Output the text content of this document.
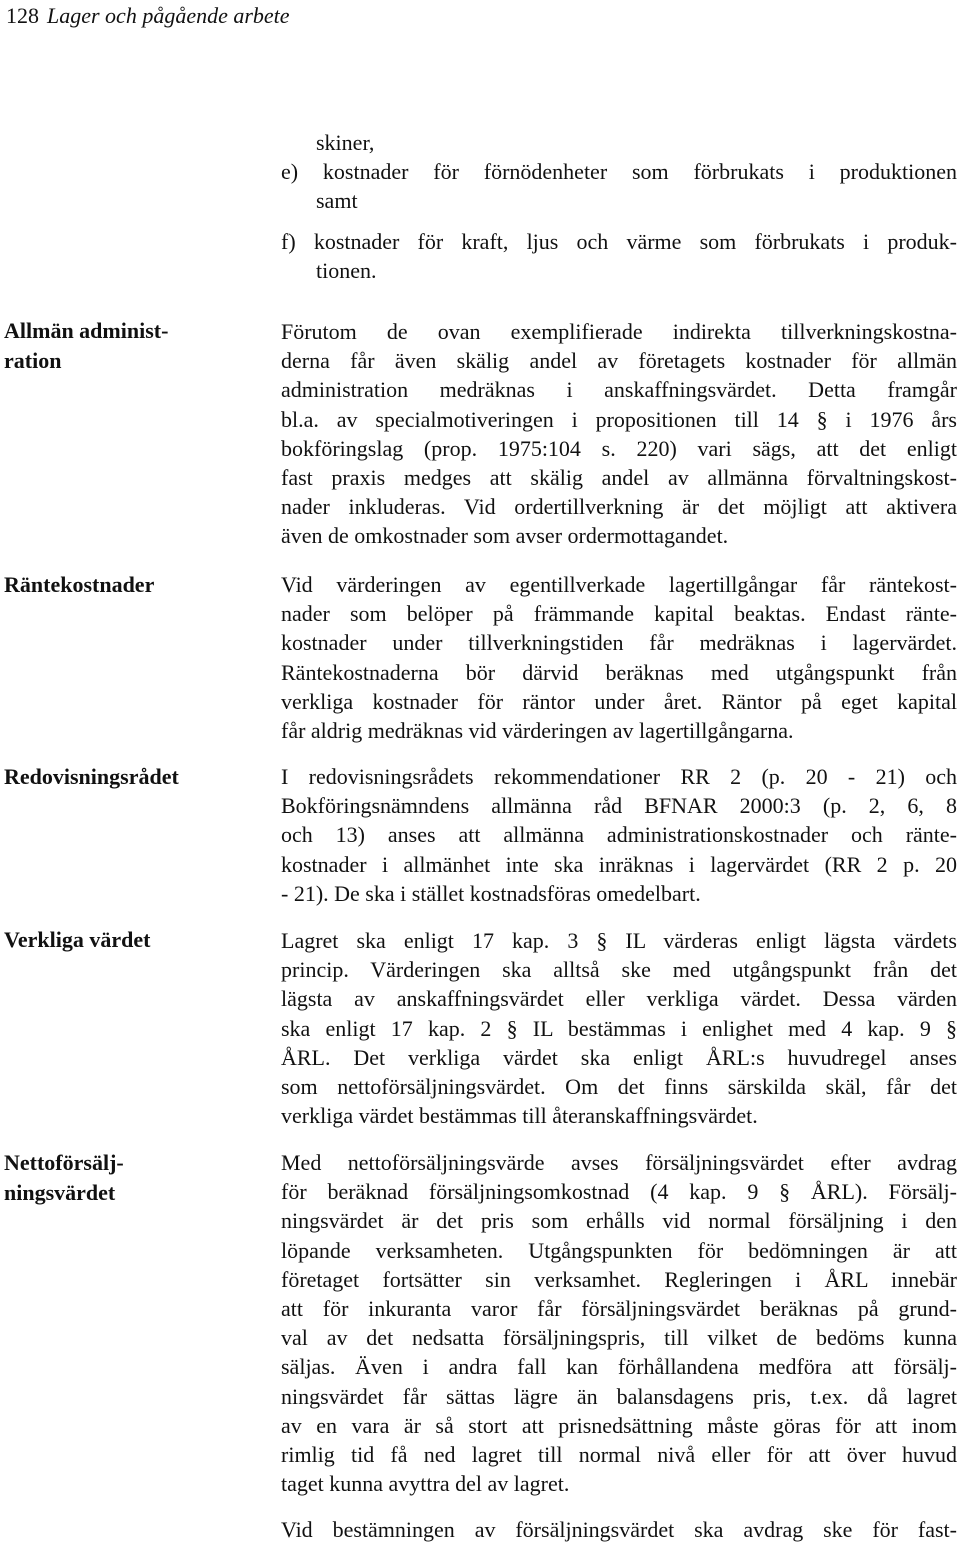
128 Lager och pågående arbete
skiner,
e) kostnader för förnödenheter som förbrukats i produktionen
samt
f) kostnader för kraft, ljus och värme som förbrukats i produk-
tionen.
Allmän administ-
ration
Räntekostnader
Redovisningsrådet
Verkliga värdet
Nettoförsälj-
ningsvärdet
Förutom de ovan exemplifierade indirekta tillverkningskostna-
derna får även skälig andel av företagets kostnader för allmän
administration medräknas i anskaffningsvärdet. Detta framgår
bl.a. av specialmotiveringen i propositionen till 14 § i 1976 års
bokföringslag (prop. 1975:104 s. 220) vari sägs, att det enligt
fast praxis medges att skälig andel av allmänna förvaltningskost-
nader inkluderas. Vid ordertillverkning är det möjligt att aktivera
även de omkostnader som avser ordermottagandet.
Vid värderingen av egentillverkade lagertillgångar får räntekost-
nader som belöper på främmande kapital beaktas. Endast ränte-
kostnader under tillverkningstiden får medräknas i lagervärdet.
Räntekostnaderna bör därvid beräknas med utgångspunkt från
verkliga kostnader för räntor under året. Räntor på eget kapital
får aldrig medräknas vid värderingen av lagertillgångarna.
I redovisningsrådets rekommendationer RR 2 (p. 20 - 21) och
Bokföringsnämndens allmänna råd BFNAR 2000:3 (p. 2, 6, 8
och 13) anses att allmänna administrationskostnader och ränte-
kostnader i allmänhet inte ska inräknas i lagervärdet (RR 2 p. 20
- 21). De ska i stället kostnadsföras omedelbart.
Lagret ska enligt 17 kap. 3 § IL värderas enligt lägsta värdets
princip. Värderingen ska alltså ske med utgångspunkt från det
lägsta av anskaffningsvärdet eller verkliga värdet. Dessa värden
ska enligt 17 kap. 2 § IL bestämmas i enlighet med 4 kap. 9 §
ÅRL. Det verkliga värdet ska enligt ÅRL:s huvudregel anses
som nettoförsäljningsvärdet. Om det finns särskilda skäl, får det
verkliga värdet bestämmas till återanskaffningsvärdet.
Med nettoförsäljningsvärde avses försäljningsvärdet efter avdrag
för beräknad försäljningsomkostnad (4 kap. 9 § ÅRL). Försälj-
ningsvärdet är det pris som erhålls vid normal försäljning i den
löpande verksamheten. Utgångspunkten för bedömningen är att
företaget fortsätter sin verksamhet. Regleringen i ÅRL innebär
att för inkuranta varor får försäljningsvärdet beräknas på grund-
val av det nedsatta försäljningspris, till vilket de bedöms kunna
säljas. Även i andra fall kan förhållandena medföra att försälj-
ningsvärdet får sättas lägre än balansdagens pris, t.ex. då lagret
av en vara är så stort att prisnedsättning måste göras för att inom
rimlig tid få ned lagret till normal nivå eller för att över huvud
taget kunna avyttra del av lagret.
Vid bestämningen av försäljningsvärdet ska avdrag ske för fast-
